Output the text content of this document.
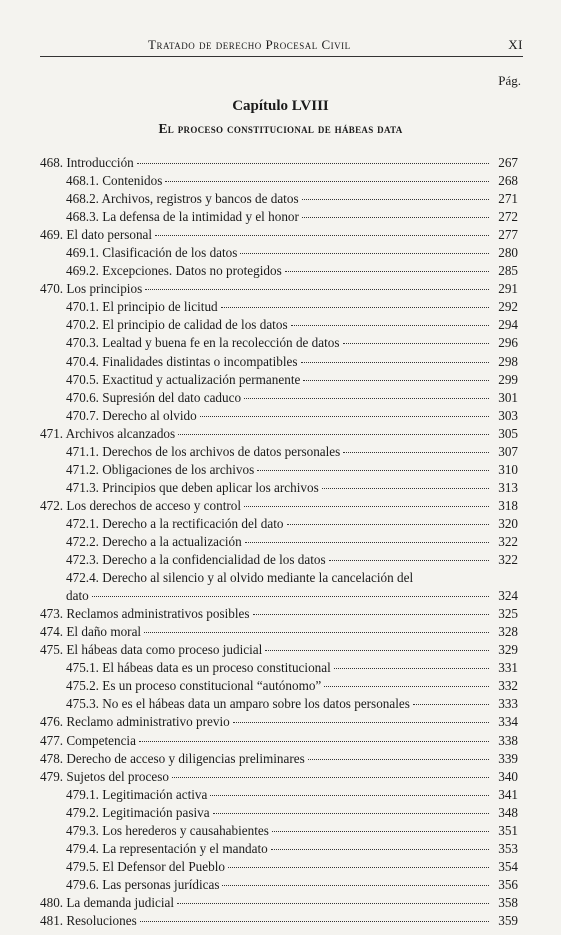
Tratado de derecho Procesal Civil	XI
Pág.
Capítulo LVIII
El proceso constitucional de hábeas data
468. Introducción	267
468.1. Contenidos	268
468.2. Archivos, registros y bancos de datos	271
468.3. La defensa de la intimidad y el honor	272
469. El dato personal	277
469.1. Clasificación de los datos	280
469.2. Excepciones. Datos no protegidos	285
470. Los principios	291
470.1. El principio de licitud	292
470.2. El principio de calidad de los datos	294
470.3. Lealtad y buena fe en la recolección de datos	296
470.4. Finalidades distintas o incompatibles	298
470.5. Exactitud y actualización permanente	299
470.6. Supresión del dato caduco	301
470.7. Derecho al olvido	303
471. Archivos alcanzados	305
471.1. Derechos de los archivos de datos personales	307
471.2. Obligaciones de los archivos	310
471.3. Principios que deben aplicar los archivos	313
472. Los derechos de acceso y control	318
472.1. Derecho a la rectificación del dato	320
472.2. Derecho a la actualización	322
472.3. Derecho a la confidencialidad de los datos	322
472.4. Derecho al silencio y al olvido mediante la cancelación del
dato	324
473. Reclamos administrativos posibles	325
474. El daño moral	328
475. El hábeas data como proceso judicial	329
475.1. El hábeas data es un proceso constitucional	331
475.2. Es un proceso constitucional “autónomo”	332
475.3. No es el hábeas data un amparo sobre los datos personales	333
476. Reclamo administrativo previo	334
477. Competencia	338
478. Derecho de acceso y diligencias preliminares	339
479. Sujetos del proceso	340
479.1. Legitimación activa	341
479.2. Legitimación pasiva	348
479.3. Los herederos y causahabientes	351
479.4. La representación y el mandato	353
479.5. El Defensor del Pueblo	354
479.6. Las personas jurídicas	356
480. La demanda judicial	358
481. Resoluciones	359
